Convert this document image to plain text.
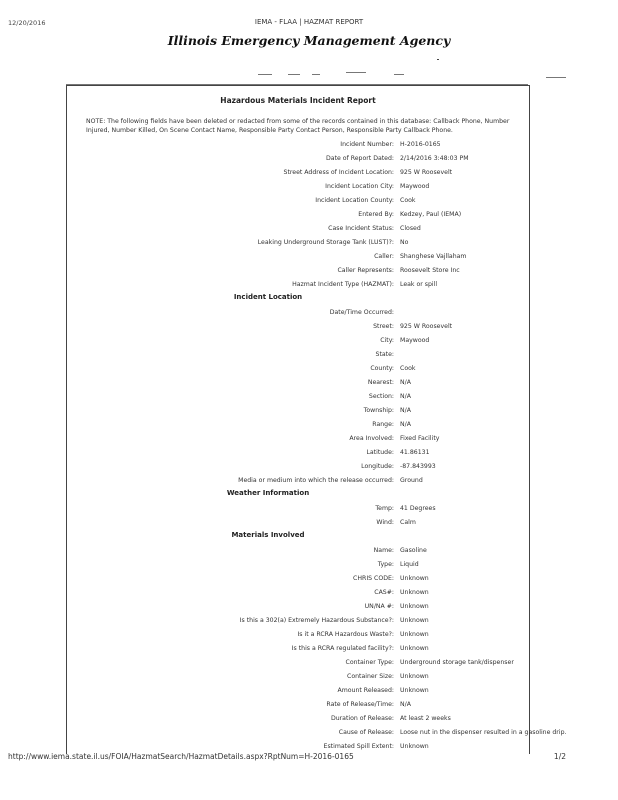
12/20/2016	IEMA - FLAA | HAZMAT REPORT
Illinois Emergency Management Agency
Hazardous Materials Incident Report
NOTE: The following fields have been deleted or redacted from some of the records contained in this database: Callback Phone, Number Injured, Number Killed, On Scene Contact Name, Responsible Party Contact Person, Responsible Party Callback Phone.
Incident Number: H-2016-0165
Date of Report Dated: 2/14/2016 3:48:03 PM
Street Address of Incident Location: 925 W Roosevelt
Incident Location City: Maywood
Incident Location County: Cook
Entered By: Kedzey, Paul (IEMA)
Case Incident Status: Closed
Leaking Underground Storage Tank (LUST)?: No
Caller: Shanghese Vajllaham
Caller Represents: Roosevelt Store Inc
Hazmat Incident Type (HAZMAT): Leak or spill
Incident Location
Date/Time Occurred:
Street: 925 W Roosevelt
City: Maywood
State:
County: Cook
Nearest: N/A
Section: N/A
Township: N/A
Range: N/A
Area Involved: Fixed Facility
Latitude: 41.86131
Longitude: -87.843993
Media or medium into which the release occurred: Ground
Weather Information
Temp: 41 Degrees
Wind: Calm
Materials Involved
Name: Gasoline
Type: Liquid
CHRIS CODE: Unknown
CAS#: Unknown
UN/NA #: Unknown
Is this a 302(a) Extremely Hazardous Substance?: Unknown
Is it a RCRA Hazardous Waste?: Unknown
Is this a RCRA regulated facility?: Unknown
Container Type: Underground storage tank/dispenser
Container Size: Unknown
Amount Released: Unknown
Rate of Release/Time: N/A
Duration of Release: At least 2 weeks
Cause of Release: Loose nut in the dispenser resulted in a gasoline drip.
Estimated Spill Extent: Unknown
http://www.iema.state.il.us/FOIA/HazmatSearch/HazmatDetails.aspx?RptNum=H-2016-0165	1/2
